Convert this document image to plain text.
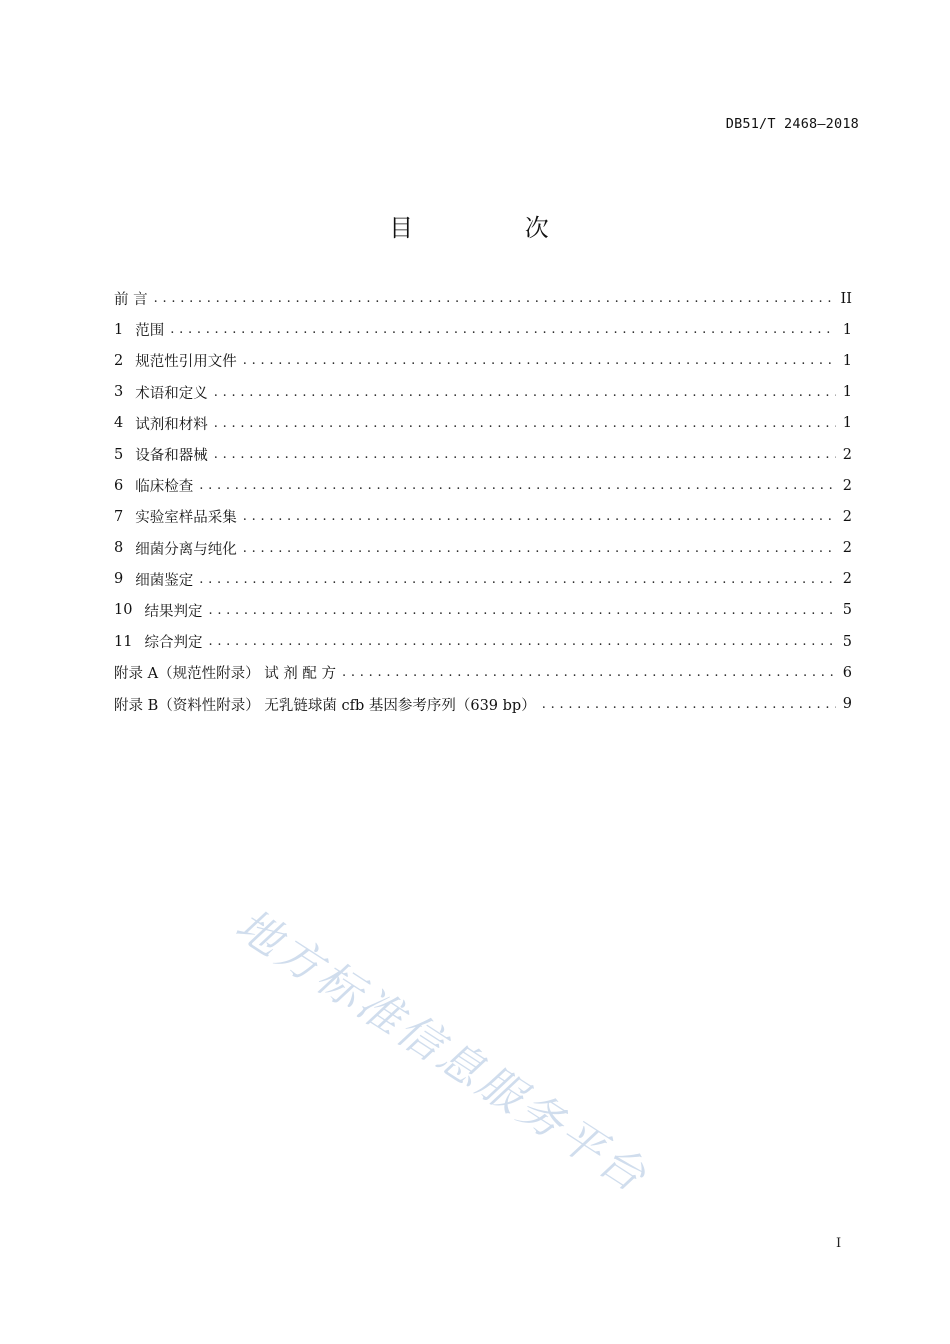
DB51/T 2468—2018
目 次
前 言 . . .	II
1 范围 . . .	1
2 规范性引用文件 . . .	1
3 术语和定义 . . .	1
4 试剂和材料 . . .	1
5 设备和器械 . . .	2
6 临床检查 . . .	2
7 实验室样品采集 . . .	2
8 细菌分离与纯化 . . .	2
9 细菌鉴定 . . .	2
10 结果判定 . . .	5
11 综合判定 . . .	5
附录 A（规范性附录） 试 剂 配 方 . . .	6
附录 B（资料性附录） 无乳链球菌 cfb 基因参考序列（639 bp） . . .	9
地方标准信息服务平台
I
